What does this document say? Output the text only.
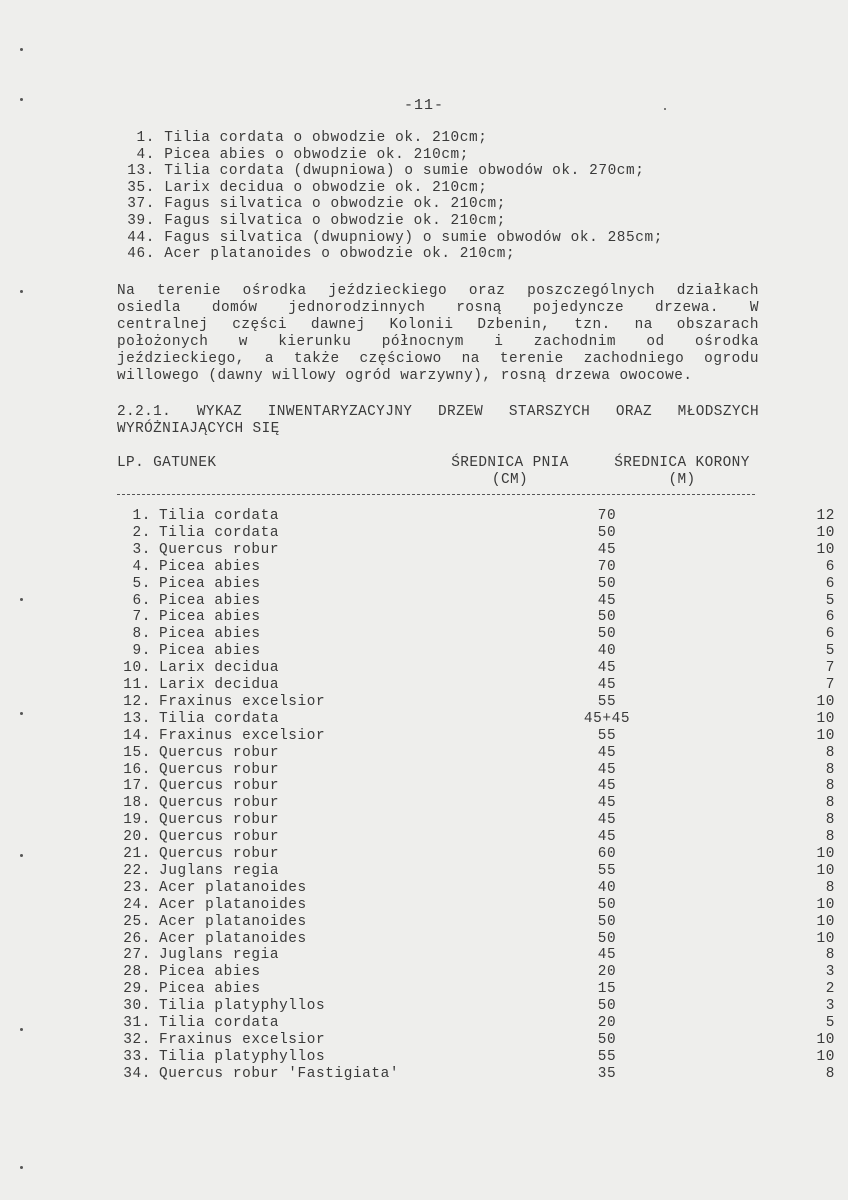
-11-
1. Tilia cordata o obwodzie ok. 210cm;
4. Picea abies o obwodzie ok. 210cm;
13. Tilia cordata (dwupniowa) o sumie obwodów ok. 270cm;
35. Larix decidua o obwodzie ok. 210cm;
37. Fagus silvatica o obwodzie ok. 210cm;
39. Fagus silvatica o obwodzie ok. 210cm;
44. Fagus silvatica (dwupniowy) o sumie obwodów ok. 285cm;
46. Acer platanoides o obwodzie ok. 210cm;
Na terenie ośrodka jeździeckiego oraz poszczególnych działkach
osiedla domów jednorodzinnych rosną pojedyncze drzewa. W
centralnej części dawnej Kolonii Dzbenin, tzn. na obszarach
położonych w kierunku północnym i zachodnim od ośrodka
jeździeckiego, a także częściowo na terenie zachodniego ogrodu
willowego (dawny willowy ogród warzywny), rosną drzewa owocowe.
2.2.1. WYKAZ INWENTARYZACYJNY DRZEW STARSZYCH ORAZ MŁODSZYCH
WYRÓŻNIAJĄCYCH SIĘ
LP. GATUNEK	ŚREDNICA PNIA
(CM)
ŚREDNICA KORONY
(M)
1. Tilia cordata	70	12
2. Tilia cordata	50	10
3. Quercus robur	45	10
4. Picea abies	70	6
5. Picea abies	50	6
6. Picea abies	45	5
7. Picea abies	50	6
8. Picea abies	50	6
9. Picea abies	40	5
10. Larix decidua	45	7
11. Larix decidua	45	7
12. Fraxinus excelsior	55	10
13. Tilia cordata	45+45	10
14. Fraxinus excelsior	55	10
15. Quercus robur	45	8
16. Quercus robur	45	8
17. Quercus robur	45	8
18. Quercus robur	45	8
19. Quercus robur	45	8
20. Quercus robur	45	8
21. Quercus robur	60	10
22. Juglans regia	55	10
23. Acer platanoides	40	8
24. Acer platanoides	50	10
25. Acer platanoides	50	10
26. Acer platanoides	50	10
27. Juglans regia	45	8
28. Picea abies	20	3
29. Picea abies	15	2
30. Tilia platyphyllos	50	3
31. Tilia cordata	20	5
32. Fraxinus excelsior	50	10
33. Tilia platyphyllos	55	10
34. Quercus robur 'Fastigiata'	35	8
